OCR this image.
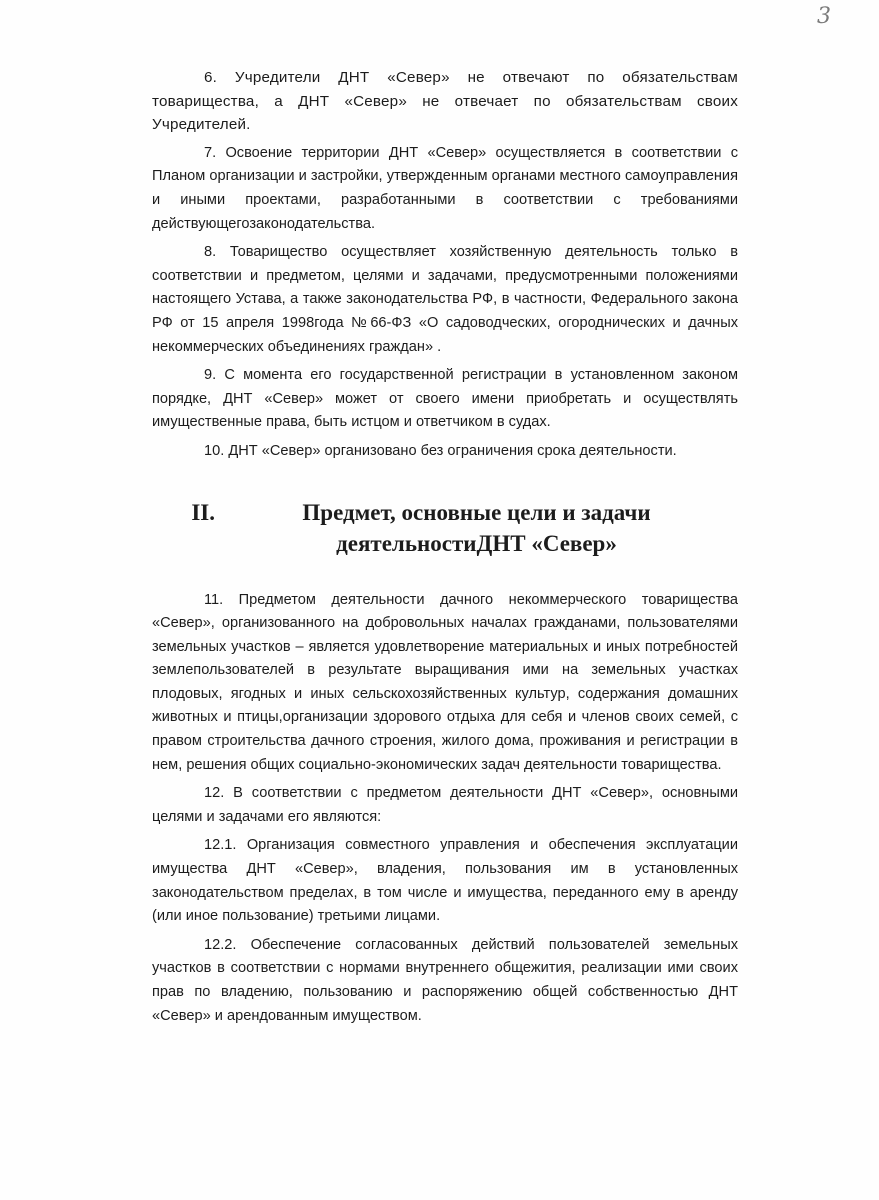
3

6. Учредители ДНТ «Север» не отвечают по обязательствам товарищества, а ДНТ «Север» не отвечает по обязательствам своих Учредителей.

7. Освоение территории ДНТ «Север» осуществляется в соответствии с Планом организации и застройки, утвержденным органами местного самоуправления и иными проектами, разработанными в соответствии с требованиями действующегозаконодательства.

8. Товарищество осуществляет хозяйственную деятельность только в соответствии и предметом, целями и задачами, предусмотренными положениями настоящего Устава, а также законодательства РФ, в частности, Федерального закона РФ от 15 апреля 1998года №66-ФЗ «О садоводческих, огороднических и дачных некоммерческих объединениях граждан» .

9. С момента его государственной регистрации в установленном законом порядке, ДНТ «Север» может от своего имени приобретать и осуществлять имущественные права, быть истцом и ответчиком в судах.

10. ДНТ «Север» организовано без ограничения срока деятельности.

II.	Предмет, основные цели и задачи деятельностиДНТ «Север»

11. Предметом деятельности дачного некоммерческого товарищества «Север», организованного на добровольных началах гражданами, пользователями земельных участков – является удовлетворение материальных и иных потребностей землепользователей в результате выращивания ими на земельных участках плодовых, ягодных и иных сельскохозяйственных культур, содержания домашних животных и птицы,организации здорового отдыха для себя и членов своих семей, с правом строительства дачного строения, жилого дома, проживания и регистрации в нем, решения общих социально-экономических задач деятельности товарищества.

12. В соответствии с предметом деятельности ДНТ «Север», основными целями и задачами его являются:

12.1. Организация совместного управления и обеспечения эксплуатации имущества ДНТ «Север», владения, пользования им в установленных законодательством пределах, в том числе и имущества, переданного ему в аренду (или иное пользование) третьими лицами.

12.2. Обеспечение согласованных действий пользователей земельных участков в соответствии с нормами внутреннего общежития, реализации ими своих прав по владению, пользованию и распоряжению общей собственностью ДНТ «Север» и арендованным имуществом.
